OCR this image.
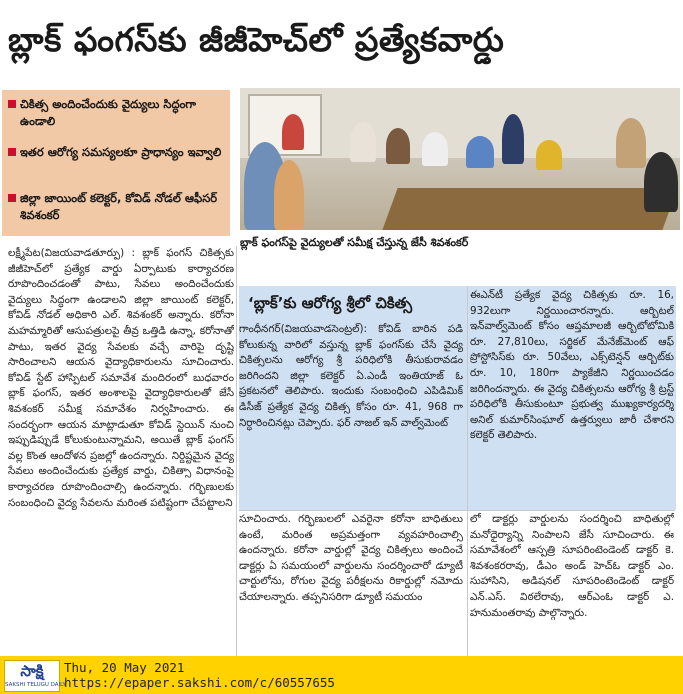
బ్లాక్ ఫంగస్‌కు జీజీహెచ్‌లో ప్రత్యేకవార్డు
చికిత్స అందించేందుకు వైద్యులు సిద్ధంగా ఉండాలి
ఇతర ఆరోగ్య సమస్యలకూ ప్రాధాన్యం ఇవ్వాలి
జిల్లా జాయింట్ కలెక్టర్, కోవిడ్ నోడల్ ఆఫీసర్ శివశంకర్
బ్లాక్ ఫంగస్‌పై వైద్యులతో సమీక్ష చేస్తున్న జేసీ శివశంకర్
లక్ష్మీపేట(విజయవాడతూర్పు) : బ్లాక్ ఫంగస్ చికిత్సకు జీజీహెచ్‌లో ప్రత్యేక వార్డు ఏర్పాటుకు కార్యాచరణ రూపొందించడంతో పాటు, సేవలు అందించేందుకు వైద్యులు సిద్ధంగా ఉండాలని జిల్లా జాయింట్ కలెక్టర్, కోవిడ్ నోడల్ అధికారి ఎల్. శివశంకర్ అన్నారు. కరోనా మహమ్మారితో ఆసుపత్రులపై తీవ్ర ఒత్తిడి ఉన్నా, కరోనాతో పాటు, ఇతర వైద్య సేవలకు వచ్చే వారిపై దృష్టి సారించాలని ఆయన వైద్యాధికారులను సూచించారు. కోవిడ్ స్టేట్ హాస్పిటల్ సమావేశ మందిరంలో బుధవారం బ్లాక్ ఫంగస్, ఇతర అంశాలపై వైద్యాధికారులతో జేసీ శివశంకర్ సమీక్ష సమావేశం నిర్వహించారు. ఈ సందర్భంగా ఆయన మాట్లాడుతూ కోవిడ్ స్టెయిన్ నుంచి ఇప్పుడిప్పుడే కోలుకుంటున్నామని, అయితే బ్లాక్ ఫంగస్ వల్ల కొంత ఆందోళన ప్రజల్లో ఉందన్నారు. నిర్దిష్టమైన వైద్య సేవలు అందించేందుకు ప్రత్యేక వార్డు, చికిత్సా విధానంపై కార్యాచరణ రూపొందించాల్సి ఉందన్నారు. గర్భిణులకు సంబంధించి వైద్య సేవలను మరింత పటిష్టంగా చేపట్టాలని
‘బ్లాక్’కు ఆరోగ్య శ్రీలో చికిత్స
గాంధీనగర్(విజయవాడసెంట్రల్): కోవిడ్ బారిన పడి కోలుకున్న వారిలో వస్తున్న బ్లాక్ ఫంగస్‌కు చేసే వైద్య చికిత్సలను ఆరోగ్య శ్రీ పరిధిలోకి తీసుకురావడం జరిగిందని జిల్లా కలెక్టర్ ఏ.ఎండీ ఇంతియాజ్ ఓ ప్రకటనలో తెలిపారు. ఇందుకు సంబంధించి ఎపిడిమిక్ డిసీజ్ ప్రత్యేక వైద్య చికిత్స కోసం రూ. 41, 968 గా నిర్ధారించినట్లు చెప్పారు. ఫర్ నాజల్ ఇన్ వాల్వ్‌మెంట్
ఈఎన్‌టీ ప్రత్యేక వైద్య చికిత్సకు రూ. 16, 932లుగా నిర్ణయించారన్నారు. ఆర్బిటల్ ఇన్‌వాల్వ్‌మెంట్ కోసం ఆప్తమాలజీ ఆర్బిటోటోమికి రూ. 27,810లు, సర్జికల్ మేనేజ్‌మెంట్ ఆఫ్ ప్రోస్టోసిస్‌కు రూ. 50వేలు, ఎక్స్‌టెన్షన్ ఆర్బిట్‌కు రూ. 10, 180గా ప్యాకేజీని నిర్ణయించడం జరిగిందన్నారు. ఈ వైద్య చికిత్సలను ఆరోగ్య శ్రీ ట్రస్ట్ పరిధిలోకి తీసుకుంటూ ప్రభుత్వ ముఖ్యకార్యదర్శి అనిల్ కుమార్‌సింఘాల్ ఉత్తర్వులు జారీ చేశారని కలెక్టర్ తెలిపారు.
సూచించారు. గర్భిణులలో ఎవరైనా కరోనా బాధితులు ఉంటే, మరింత అప్రమత్తంగా వ్యవహరించాల్సి ఉందన్నారు. కరోనా వార్డుల్లో వైద్య చికిత్సలు అందించే డాక్టర్లు ఏ సమయంలో వార్డులను సందర్శించారో డ్యూటీ చార్టులోను, రోగుల వైద్య పరీక్షలను రికార్డుల్లో నమోదు చేయాలన్నారు. తప్పనిసరిగా డ్యూటీ సమయం
లో డాక్టర్లు వార్డులను సందర్శించి బాధితుల్లో మనోధైర్యాన్ని నింపాలని జేసీ సూచించారు. ఈ సమావేశంలో ఆస్పత్రి సూపరింటెండెంట్ డాక్టర్ కె. శివశంకరరావు, డీఎం అండ్ హెచ్‌ఓ డాక్టర్ ఎం. సుహాసిని, అడిషనల్ సూపరింటెండెంట్ డాక్టర్ ఎన్.ఎస్. విఠలేరావు, ఆర్‌ఎంఓ డాక్టర్ ఎ. హనుమంతరావు పాల్గొన్నారు.
సాక్షి
SAKSHI TELUGU DAILY
Thu, 20 May 2021
https://epaper.sakshi.com/c/60557655
